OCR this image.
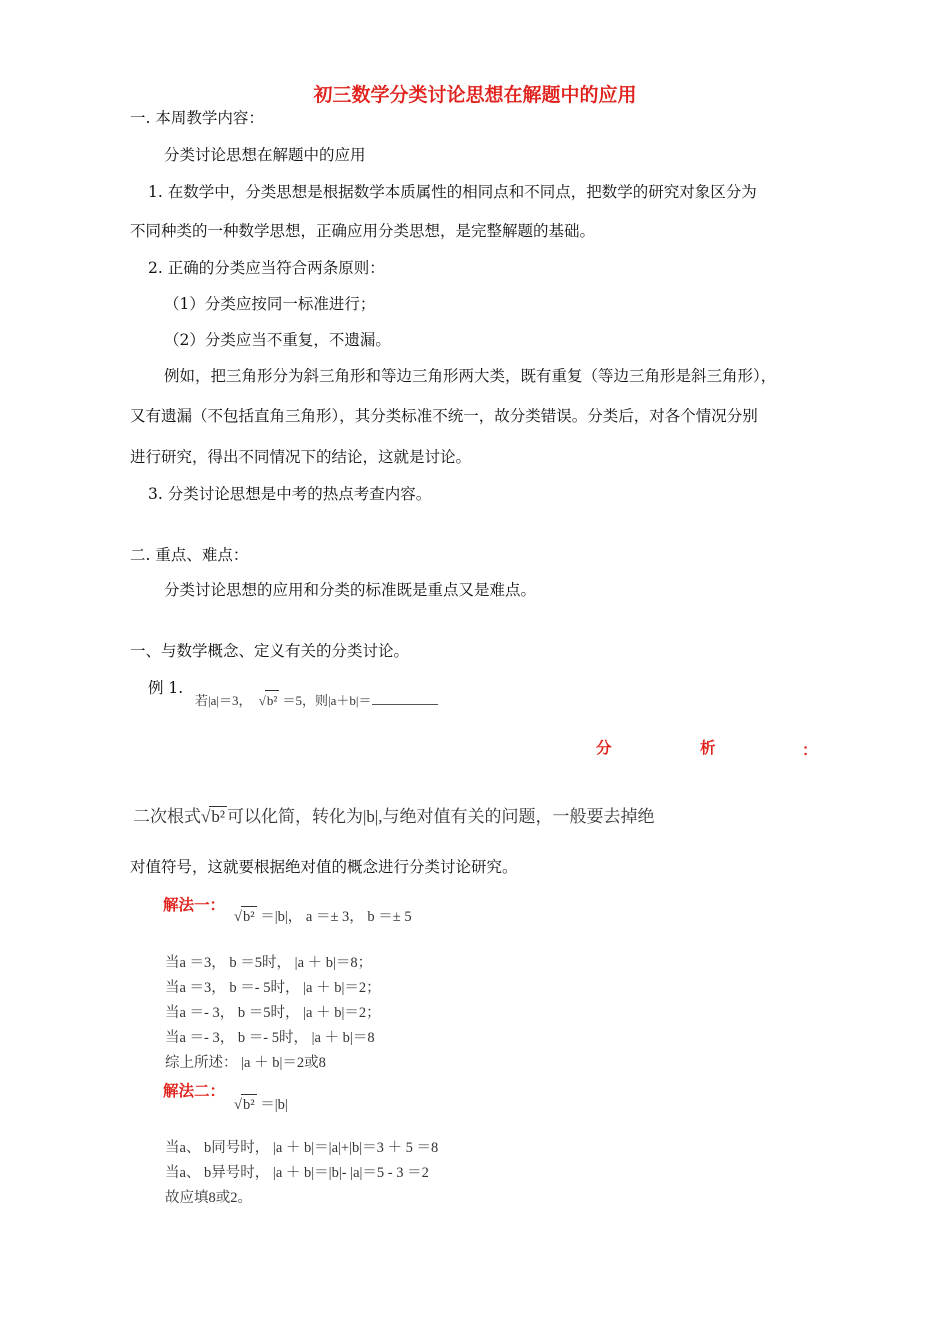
初三数学分类讨论思想在解题中的应用
一. 本周教学内容：
分类讨论思想在解题中的应用
1. 在数学中，分类思想是根据数学本质属性的相同点和不同点，把数学的研究对象区分为
不同种类的一种数学思想，正确应用分类思想，是完整解题的基础。
2. 正确的分类应当符合两条原则：
（1）分类应按同一标准进行；
（2）分类应当不重复，不遗漏。
例如，把三角形分为斜三角形和等边三角形两大类，既有重复（等边三角形是斜三角形），
又有遗漏（不包括直角三角形），其分类标准不统一，故分类错误。分类后，对各个情况分别
进行研究，得出不同情况下的结论，这就是讨论。
3. 分类讨论思想是中考的热点考查内容。
二. 重点、难点：
分类讨论思想的应用和分类的标准既是重点又是难点。
一、与数学概念、定义有关的分类讨论。
例 1.
若|a|＝3， √b² ＝5，则|a＋b|＝
分	析	：
二次根式√b² 可以化简，转化为|b|,与绝对值有关的问题，一般要去掉绝
对值符号，这就要根据绝对值的概念进行分类讨论研究。
解法一：
√b² ＝|b|， a ＝± 3， b ＝± 5
当a ＝3， b ＝5时， |a ＋ b|＝8；
当a ＝3， b ＝- 5时， |a ＋ b|＝2；
当a ＝- 3， b ＝5时， |a ＋ b|＝2；
当a ＝- 3， b ＝- 5时， |a ＋ b|＝8
综上所述： |a ＋ b|＝2或8
解法二：
√b² ＝|b|
当a、 b同号时， |a ＋ b|＝|a|+|b|＝3 ＋ 5 ＝8
当a、 b异号时， |a ＋ b|＝|b|- |a|＝5 - 3 ＝2
故应填8或2。
